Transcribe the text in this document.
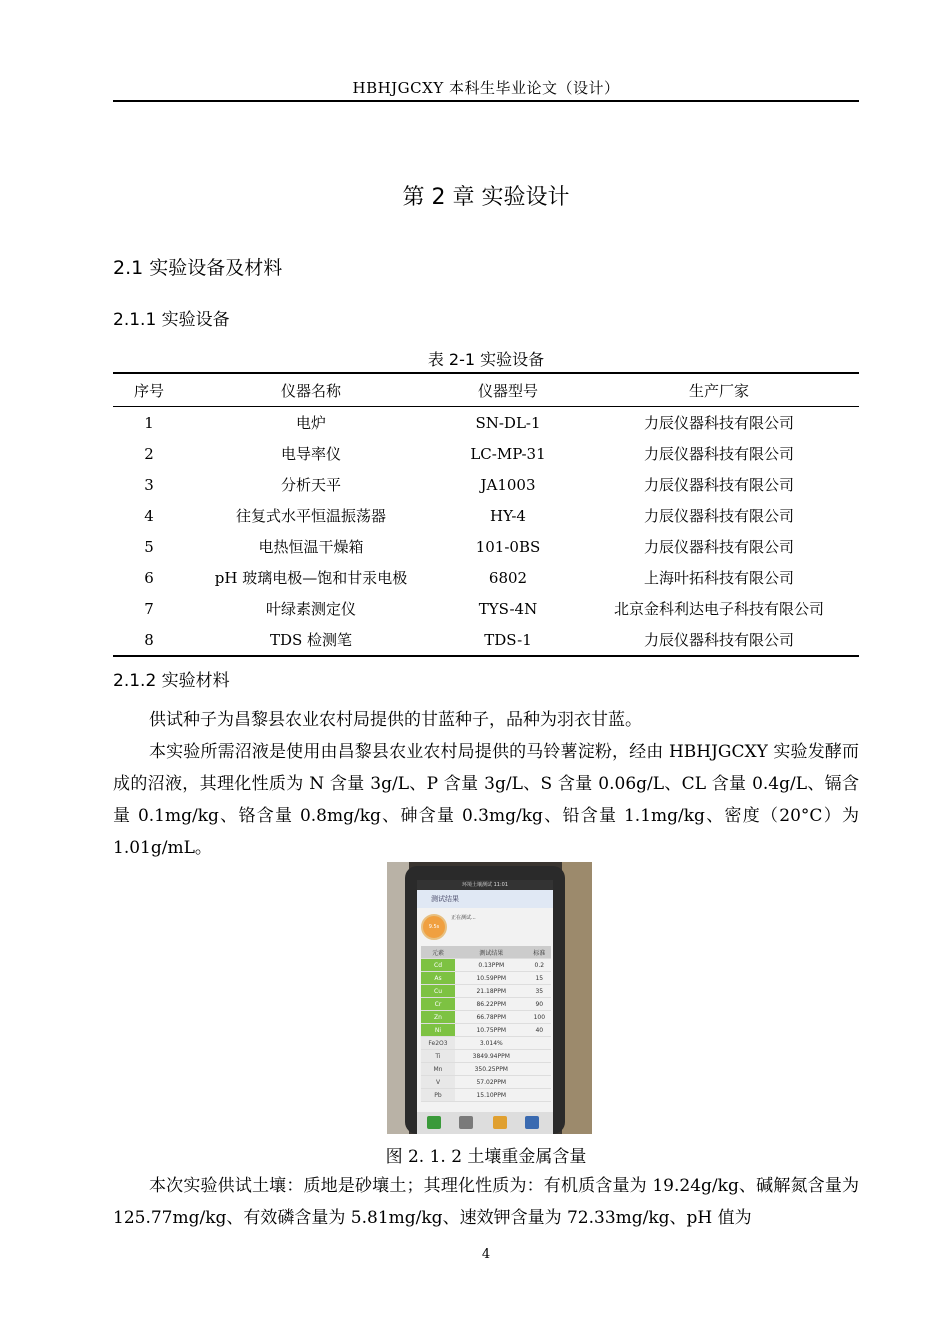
HBHJGCXY 本科生毕业论文（设计）
第 2 章 实验设计
2.1 实验设备及材料
2.1.1 实验设备
表 2-1 实验设备
序号	仪器名称	仪器型号	生产厂家
1	电炉	SN-DL-1	力辰仪器科技有限公司
2	电导率仪	LC-MP-31	力辰仪器科技有限公司
3	分析天平	JA1003	力辰仪器科技有限公司
4	往复式水平恒温振荡器	HY-4	力辰仪器科技有限公司
5	电热恒温干燥箱	101-0BS	力辰仪器科技有限公司
6	pH 玻璃电极—饱和甘汞电极	6802	上海叶拓科技有限公司
7	叶绿素测定仪	TYS-4N	北京金科利达电子科技有限公司
8	TDS 检测笔	TDS-1	力辰仪器科技有限公司
2.1.2 实验材料
供试种子为昌黎县农业农村局提供的甘蓝种子，品种为羽衣甘蓝。
本实验所需沼液是使用由昌黎县农业农村局提供的马铃薯淀粉，经由 HBHJGCXY 实验发酵而成的沼液，其理化性质为 N 含量 3g/L、P 含量 3g/L、S 含量 0.06g/L、CL 含量 0.4g/L、镉含量 0.1mg/kg、铬含量 0.8mg/kg、砷含量 0.3mg/kg、铅含量 1.1mg/kg、密度（20°C）为 1.01g/mL。
环境土壤测试 11:01
测试结果
正在测试...
9.5s
元素	测试结果	标准
Cd	0.13PPM	0.2
As	10.59PPM	15
Cu	21.18PPM	35
Cr	86.22PPM	90
Zn	66.78PPM	100
Ni	10.75PPM	40
Fe2O3	3.014%	
Ti	3849.94PPM	
Mn	350.25PPM	
V	57.02PPM	
Pb	15.10PPM	
图 2. 1. 2 土壤重金属含量
本次实验供试土壤：质地是砂壤土；其理化性质为：有机质含量为 19.24g/kg、碱解氮含量为 125.77mg/kg、有效磷含量为 5.81mg/kg、速效钾含量为 72.33mg/kg、pH 值为
4
